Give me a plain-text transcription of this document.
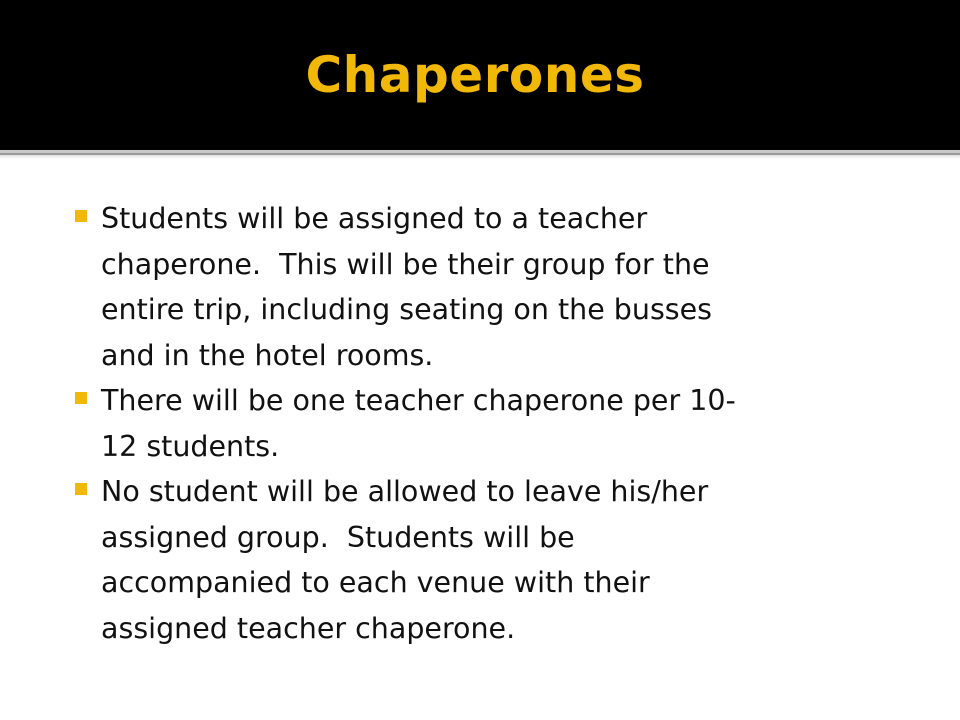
Chaperones
Students will be assigned to a teacher
chaperone.  This will be their group for the
entire trip, including seating on the busses
and in the hotel rooms.
There will be one teacher chaperone per 10-
12 students.
No student will be allowed to leave his/her
assigned group.  Students will be
accompanied to each venue with their
assigned teacher chaperone.
